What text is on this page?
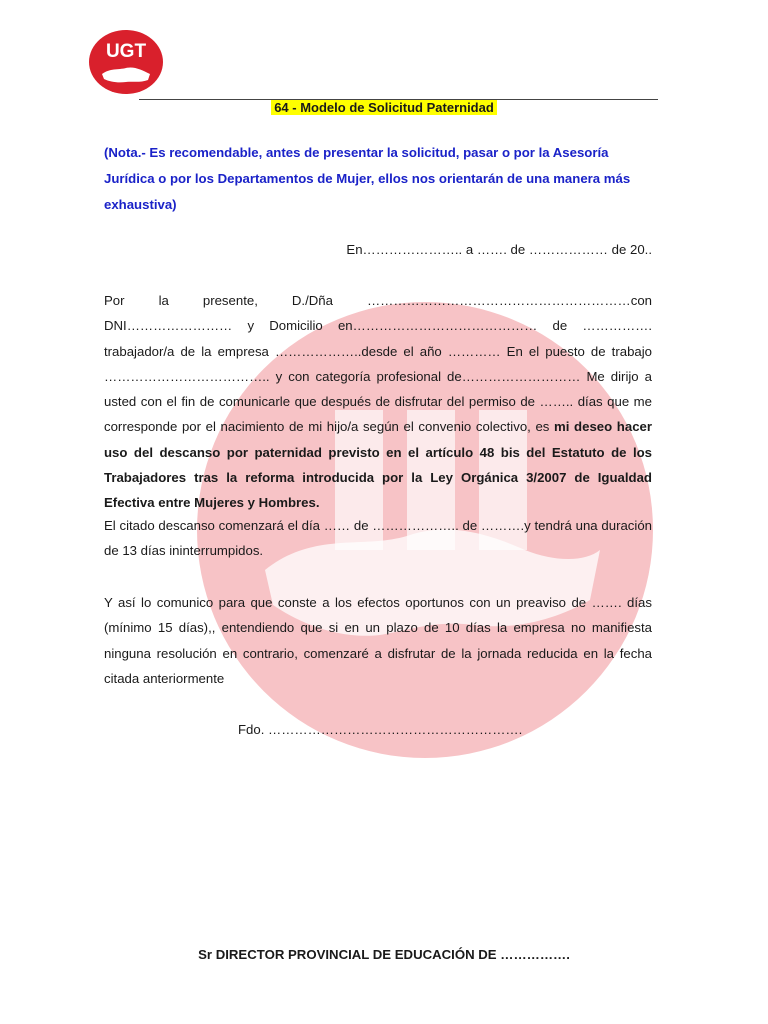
UGT
64 - Modelo de Solicitud Paternidad
(Nota.- Es recomendable, antes de presentar la solicitud, pasar o por la Asesoría Jurídica o por los Departamentos de Mujer, ellos nos orientarán de una manera más exhaustiva)
En………………….. a ……. de ……………… de 20..
Por la presente, D./Dña ……………………………………………………con DNI…………………… y Domicilio en…………………………………… de ……………. trabajador/a de la empresa ………………..desde el año ………… En el puesto de trabajo ……………………………….. y con categoría profesional de……………………… Me dirijo a usted con el fin de comunicarle que después de disfrutar del permiso de …….. días que me corresponde por el nacimiento de mi hijo/a según el convenio colectivo, es mi deseo hacer uso del descanso por paternidad previsto en el artículo 48 bis del Estatuto de los Trabajadores tras la reforma introducida por la Ley Orgánica 3/2007 de Igualdad Efectiva entre Mujeres y Hombres.
El citado descanso comenzará el día …… de ……………….. de ……….y tendrá una duración de 13 días ininterrumpidos.
Y así lo comunico para que conste a los efectos oportunos con un preaviso de ……. días (mínimo 15 días),, entendiendo que si en un plazo de 10 días la empresa no manifiesta ninguna resolución en contrario, comenzaré a disfrutar de la jornada reducida en la fecha citada anteriormente
Fdo. ………………………………………………….
Sr DIRECTOR PROVINCIAL DE EDUCACIÓN DE …………….
